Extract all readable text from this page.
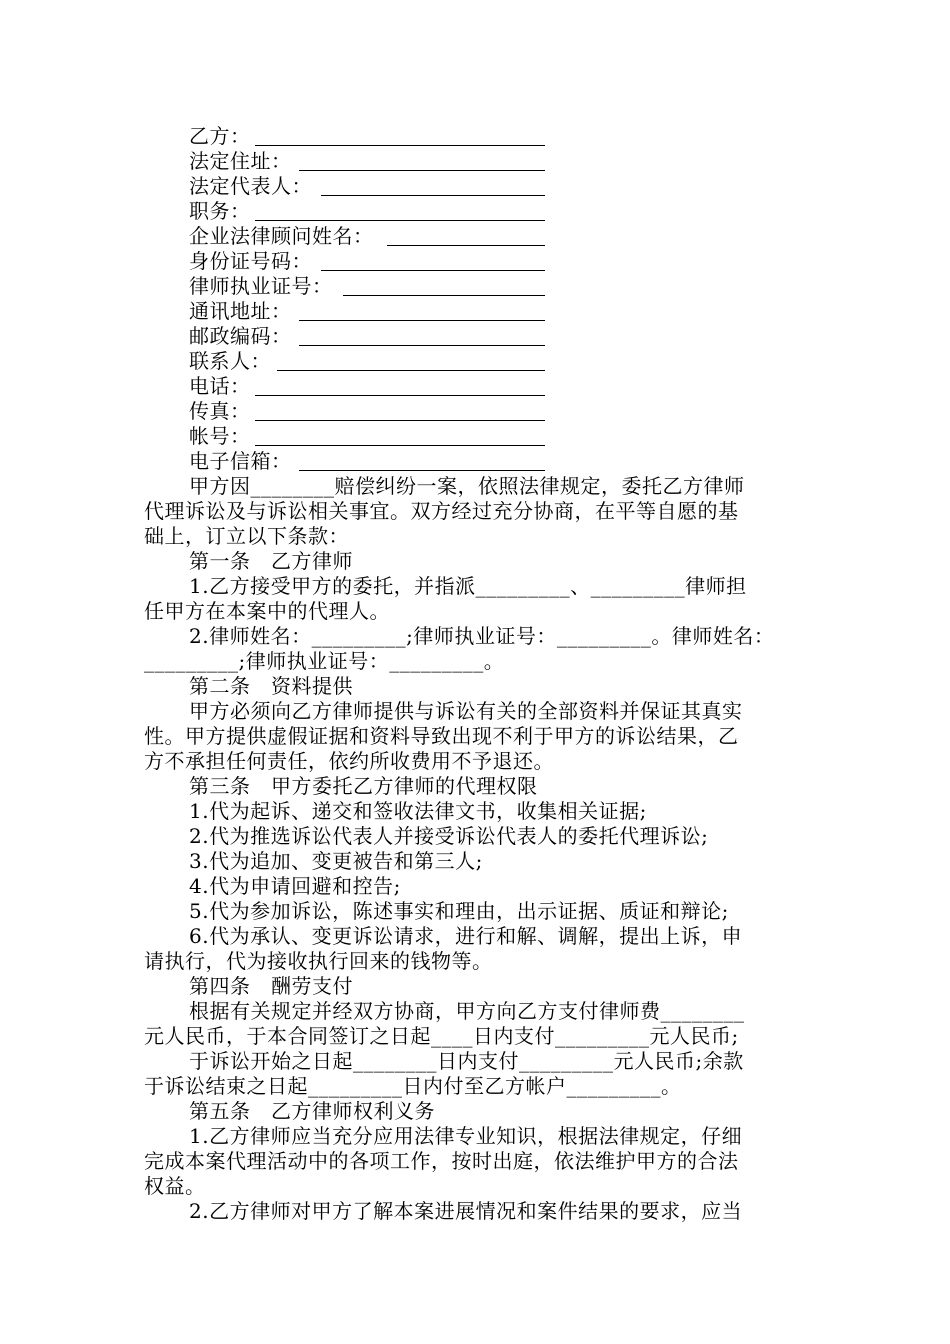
乙方：
法定住址：
法定代表人：
职务：
企业法律顾问姓名：
身份证号码：
律师执业证号：
通讯地址：
邮政编码：
联系人：
电话：
传真：
帐号：
电子信箱：
甲方因________赔偿纠纷一案，依照法律规定，委托乙方律师
代理诉讼及与诉讼相关事宜。双方经过充分协商，在平等自愿的基
础上，订立以下条款：
第一条　乙方律师
1.乙方接受甲方的委托，并指派_________、_________律师担
任甲方在本案中的代理人。
2.律师姓名：_________;律师执业证号：_________。律师姓名：
_________;律师执业证号：_________。
第二条　资料提供
甲方必须向乙方律师提供与诉讼有关的全部资料并保证其真实
性。甲方提供虚假证据和资料导致出现不利于甲方的诉讼结果，乙
方不承担任何责任，依约所收费用不予退还。
第三条　甲方委托乙方律师的代理权限
1.代为起诉、递交和签收法律文书，收集相关证据;
2.代为推选诉讼代表人并接受诉讼代表人的委托代理诉讼;
3.代为追加、变更被告和第三人;
4.代为申请回避和控告;
5.代为参加诉讼，陈述事实和理由，出示证据、质证和辩论;
6.代为承认、变更诉讼请求，进行和解、调解，提出上诉，申
请执行，代为接收执行回来的钱物等。
第四条　酬劳支付
根据有关规定并经双方协商，甲方向乙方支付律师费________
元人民币，于本合同签订之日起____日内支付_________元人民币;
于诉讼开始之日起________日内支付_________元人民币;余款
于诉讼结束之日起_________日内付至乙方帐户_________。
第五条　乙方律师权利义务
1.乙方律师应当充分应用法律专业知识，根据法律规定，仔细
完成本案代理活动中的各项工作，按时出庭，依法维护甲方的合法
权益。
2.乙方律师对甲方了解本案进展情况和案件结果的要求，应当
